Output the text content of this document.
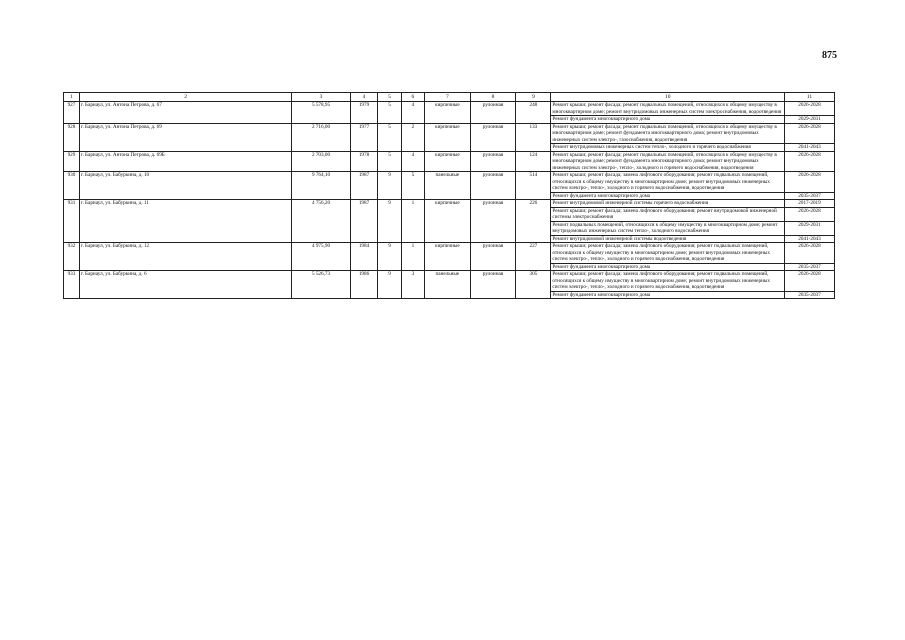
875
1	2	3	4	5	6	7	8	9	10	11
927	г. Барнаул, ул. Антона Петрова, д. 67	5 578,95	1979	5	4	кирпичные	рулонная	248	Ремонт крыши; ремонт фасада; ремонт подвальных помещений, относящихся к общему имуществу в многоквартирном доме; ремонт внутридомовых инженерных систем электроснабжения, водоотведения	2026-2028
									Ремонт фундамента многоквартирного дома	2029-2031
928	г. Барнаул, ул. Антона Петрова, д. 69	2 716,00	1977	5	2	кирпичные	рулонная	133	Ремонт крыши; ремонт фасада; ремонт подвальных помещений, относящихся к общему имуществу в многоквартирном доме; ремонт фундамента многоквартирного дома; ремонт внутридомовых инженерных систем электро-, газоснабжения, водоотведения	2026-2028
									Ремонт внутридомовых инженерных систем тепло-, холодного и горячего водоснабжения	2041-2043
929	г. Барнаул, ул. Антона Петрова, д. 69Б	2 703,00	1978	5	4	кирпичные	рулонная	124	Ремонт крыши; ремонт фасада; ремонт подвальных помещений, относящихся к общему имуществу в многоквартирном доме; ремонт фундамента многоквартирного дома; ремонт внутридомовых инженерных систем электро-, тепло-, холодного и горячего водоснабжения, водоотведения	2026-2028
930	г. Барнаул, ул. Бабуркина, д. 10	9 764,10	1987	9	5	панельные	рулонная	514	Ремонт крыши; ремонт фасада; замена лифтового оборудования; ремонт подвальных помещений, относящихся к общему имуществу в многоквартирном доме; ремонт внутридомовых инженерных систем электро-, тепло-, холодного и горячего водоснабжения, водоотведения	2026-2028
									Ремонт фундамента многоквартирного дома	2035-2037
931	г. Барнаул, ул. Бабуркина, д. 11	4 756,20	1987	9	1	кирпичные	рулонная	226	Ремонт внутридомовой инженерной системы горячего водоснабжения	2017-2019
									Ремонт крыши; ремонт фасада; замена лифтового оборудования; ремонт внутридомовой инженерной системы электроснабжения	2026-2028
									Ремонт подвальных помещений, относящихся к общему имуществу в многоквартирном доме; ремонт внутридомовых инженерных систем тепло-, холодного водоснабжения	2029-2031
									Ремонт внутридомовой инженерной системы водоотведения	2041-2043
932	г. Барнаул, ул. Бабуркина, д. 12	4 975,90	1984	9	1	кирпичные	рулонная	227	Ремонт крыши; ремонт фасада; замена лифтового оборудования; ремонт подвальных помещений, относящихся к общему имуществу в многоквартирном доме; ремонт внутридомовых инженерных систем электро-, тепло-, холодного и горячего водоснабжения, водоотведения	2026-2028
									Ремонт фундамента многоквартирного дома	2035-2037
933	г. Барнаул, ул. Бабуркина, д. 6	5 526,73	1986	9	3	панельные	рулонная	305	Ремонт крыши; ремонт фасада; замена лифтового оборудования; ремонт подвальных помещений, относящихся к общему имуществу в многоквартирном доме; ремонт внутридомовых инженерных систем электро-, тепло-, холодного и горячего водоснабжения, водоотведения	2026-2028
									Ремонт фундамента многоквартирного дома	2035-2037
